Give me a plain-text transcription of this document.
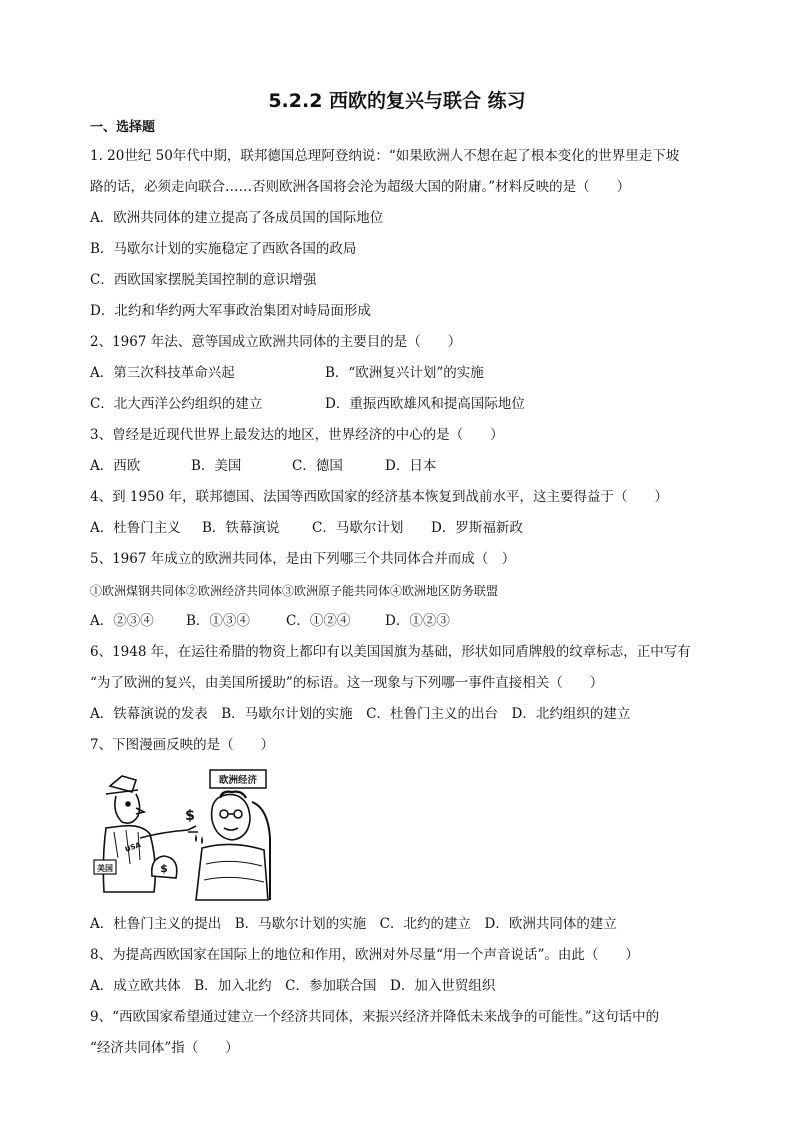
5.2.2 西欧的复兴与联合 练习
一、选择题
1. 20世纪 50年代中期，联邦德国总理阿登纳说：“如果欧洲人不想在起了根本变化的世界里走下坡
路的话，必须走向联合……否则欧洲各国将会沦为超级大国的附庸。”材料反映的是（　　）
A．欧洲共同体的建立提高了各成员国的国际地位
B．马歇尔计划的实施稳定了西欧各国的政局
C．西欧国家摆脱美国控制的意识增强
D．北约和华约两大军事政治集团对峙局面形成
2、1967 年法、意等国成立欧洲共同体的主要目的是（　　）
A．第三次科技革命兴起	B．“欧洲复兴计划”的实施
C．北大西洋公约组织的建立	D．重振西欧雄风和提高国际地位
3、曾经是近现代世界上最发达的地区，世界经济的中心的是（　　）
A．西欧	B．美国	C．德国	D．日本
4、到 1950 年，联邦德国、法国等西欧国家的经济基本恢复到战前水平，这主要得益于（　　）
A．杜鲁门主义 B．铁幕演说 C．马歇尔计划 D．罗斯福新政
5、1967 年成立的欧洲共同体，是由下列哪三个共同体合并而成（　）
①欧洲煤钢共同体②欧洲经济共同体③欧洲原子能共同体④欧洲地区防务联盟
A．②③④ B．①③④	C．①②④	D．①②③
6、1948 年，在运往希腊的物资上都印有以美国国旗为基础，形状如同盾牌般的纹章标志，正中写有
“为了欧洲的复兴，由美国所援助”的标语。这一现象与下列哪一事件直接相关（　　）
A．铁幕演说的发表　B．马歇尔计划的实施　C．杜鲁门主义的出台　D．北约组织的建立
7、下图漫画反映的是（　　）
美国
USA
$
$
欧洲经济
A．杜鲁门主义的提出　B．马歇尔计划的实施　C．北约的建立　D．欧洲共同体的建立
8、为提高西欧国家在国际上的地位和作用，欧洲对外尽量“用一个声音说话”。由此（　　）
A．成立欧共体　B．加入北约　C．参加联合国　D．加入世贸组织
9、“西欧国家希望通过建立一个经济共同体，来振兴经济并降低未来战争的可能性。”这句话中的
“经济共同体”指（　　）
